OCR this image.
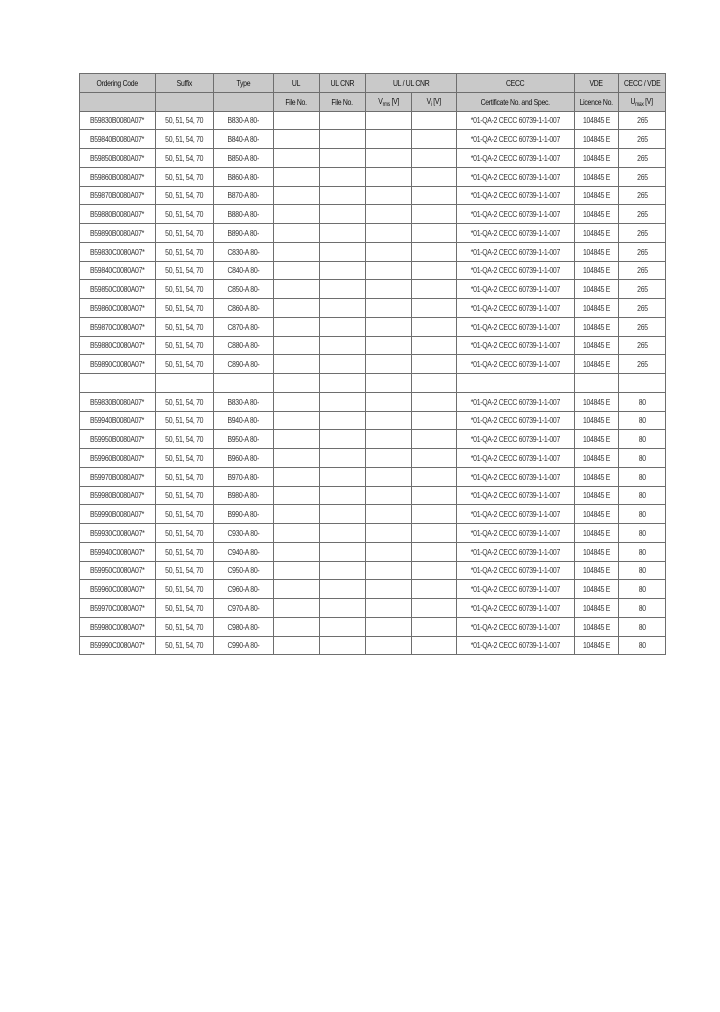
Ordering Code	Suffix	Type	UL	UL CNR	UL / UL CNR		CECC	VDE	CECC / VDE
			File No.	File No.	$V_{rms}$ [V]	$V_i$ [V]	Certificate No. and Spec.	Licence No.	$U_{max}$ [V]
B59830B0080A07*	50, 51, 54, 70	B830-A 80-					*01-QA-2 CECC 60739-1-1-007	104845 E	265
B59840B0080A07*	50, 51, 54, 70	B840-A 80-					*01-QA-2 CECC 60739-1-1-007	104845 E	265
B59850B0080A07*	50, 51, 54, 70	B850-A 80-					*01-QA-2 CECC 60739-1-1-007	104845 E	265
B59860B0080A07*	50, 51, 54, 70	B860-A 80-					*01-QA-2 CECC 60739-1-1-007	104845 E	265
B59870B0080A07*	50, 51, 54, 70	B870-A 80-					*01-QA-2 CECC 60739-1-1-007	104845 E	265
B59880B0080A07*	50, 51, 54, 70	B880-A 80-					*01-QA-2 CECC 60739-1-1-007	104845 E	265
B59890B0080A07*	50, 51, 54, 70	B890-A 80-					*01-QA-2 CECC 60739-1-1-007	104845 E	265
B59830C0080A07*	50, 51, 54, 70	C830-A 80-					*01-QA-2 CECC 60739-1-1-007	104845 E	265
B59840C0080A07*	50, 51, 54, 70	C840-A 80-					*01-QA-2 CECC 60739-1-1-007	104845 E	265
B59850C0080A07*	50, 51, 54, 70	C850-A 80-					*01-QA-2 CECC 60739-1-1-007	104845 E	265
B59860C0080A07*	50, 51, 54, 70	C860-A 80-					*01-QA-2 CECC 60739-1-1-007	104845 E	265
B59870C0080A07*	50, 51, 54, 70	C870-A 80-					*01-QA-2 CECC 60739-1-1-007	104845 E	265
B59880C0080A07*	50, 51, 54, 70	C880-A 80-					*01-QA-2 CECC 60739-1-1-007	104845 E	265
B59890C0080A07*	50, 51, 54, 70	C890-A 80-					*01-QA-2 CECC 60739-1-1-007	104845 E	265

B59830B0080A07*	50, 51, 54, 70	B830-A 80-					*01-QA-2 CECC 60739-1-1-007	104845 E	80
B59940B0080A07*	50, 51, 54, 70	B940-A 80-					*01-QA-2 CECC 60739-1-1-007	104845 E	80
B59950B0080A07*	50, 51, 54, 70	B950-A 80-					*01-QA-2 CECC 60739-1-1-007	104845 E	80
B59960B0080A07*	50, 51, 54, 70	B960-A 80-					*01-QA-2 CECC 60739-1-1-007	104845 E	80
B59970B0080A07*	50, 51, 54, 70	B970-A 80-					*01-QA-2 CECC 60739-1-1-007	104845 E	80
B59980B0080A07*	50, 51, 54, 70	B980-A 80-					*01-QA-2 CECC 60739-1-1-007	104845 E	80
B59990B0080A07*	50, 51, 54, 70	B990-A 80-					*01-QA-2 CECC 60739-1-1-007	104845 E	80
B59930C0080A07*	50, 51, 54, 70	C930-A 80-					*01-QA-2 CECC 60739-1-1-007	104845 E	80
B59940C0080A07*	50, 51, 54, 70	C940-A 80-					*01-QA-2 CECC 60739-1-1-007	104845 E	80
B59950C0080A07*	50, 51, 54, 70	C950-A 80-					*01-QA-2 CECC 60739-1-1-007	104845 E	80
B59960C0080A07*	50, 51, 54, 70	C960-A 80-					*01-QA-2 CECC 60739-1-1-007	104845 E	80
B59970C0080A07*	50, 51, 54, 70	C970-A 80-					*01-QA-2 CECC 60739-1-1-007	104845 E	80
B59980C0080A07*	50, 51, 54, 70	C980-A 80-					*01-QA-2 CECC 60739-1-1-007	104845 E	80
B59990C0080A07*	50, 51, 54, 70	C990-A 80-					*01-QA-2 CECC 60739-1-1-007	104845 E	80
